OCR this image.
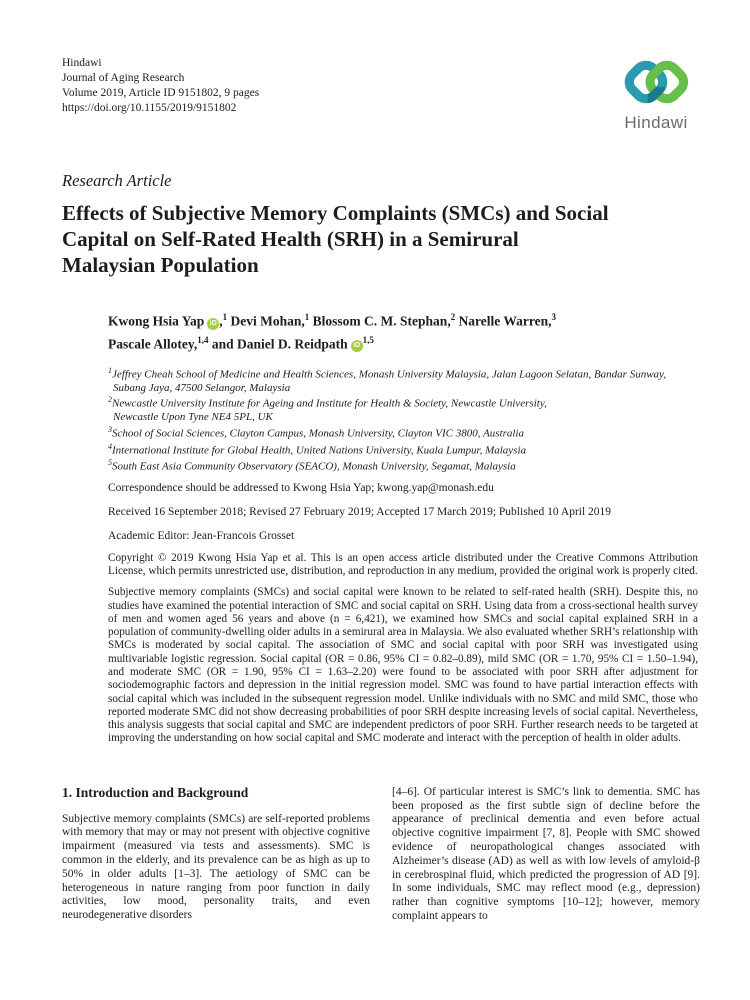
Hindawi
Journal of Aging Research
Volume 2019, Article ID 9151802, 9 pages
https://doi.org/10.1155/2019/9151802
Hindawi
Research Article
Effects of Subjective Memory Complaints (SMCs) and Social
Capital on Self-Rated Health (SRH) in a Semirural
Malaysian Population
Kwong Hsia Yap iD ,$^1$ Devi Mohan,$^1$ Blossom C. M. Stephan,$^2$ Narelle Warren,$^3$
Pascale Allotey,$^{1,4}$ and Daniel D. Reidpath iD$^{1,5}$
$^1$Jeffrey Cheah School of Medicine and Health Sciences, Monash University Malaysia, Jalan Lagoon Selatan, Bandar Sunway,
Subang Jaya, 47500 Selangor, Malaysia
$^2$Newcastle University Institute for Ageing and Institute for Health & Society, Newcastle University,
Newcastle Upon Tyne NE4 5PL, UK
$^3$School of Social Sciences, Clayton Campus, Monash University, Clayton VIC 3800, Australia
$^4$International Institute for Global Health, United Nations University, Kuala Lumpur, Malaysia
$^5$South East Asia Community Observatory (SEACO), Monash University, Segamat, Malaysia
Correspondence should be addressed to Kwong Hsia Yap; kwong.yap@monash.edu
Received 16 September 2018; Revised 27 February 2019; Accepted 17 March 2019; Published 10 April 2019
Academic Editor: Jean-Francois Grosset
Copyright © 2019 Kwong Hsia Yap et al. This is an open access article distributed under the Creative Commons Attribution License, which permits unrestricted use, distribution, and reproduction in any medium, provided the original work is properly cited.
Subjective memory complaints (SMCs) and social capital were known to be related to self-rated health (SRH). Despite this, no studies have examined the potential interaction of SMC and social capital on SRH. Using data from a cross-sectional health survey of men and women aged 56 years and above (n = 6,421), we examined how SMCs and social capital explained SRH in a population of community-dwelling older adults in a semirural area in Malaysia. We also evaluated whether SRH’s relationship with SMCs is moderated by social capital. The association of SMC and social capital with poor SRH was investigated using multivariable logistic regression. Social capital (OR = 0.86, 95% CI = 0.82–0.89), mild SMC (OR = 1.70, 95% CI = 1.50–1.94), and moderate SMC (OR = 1.90, 95% CI = 1.63–2.20) were found to be associated with poor SRH after adjustment for sociodemographic factors and depression in the initial regression model. SMC was found to have partial interaction effects with social capital which was included in the subsequent regression model. Unlike individuals with no SMC and mild SMC, those who reported moderate SMC did not show decreasing probabilities of poor SRH despite increasing levels of social capital. Nevertheless, this analysis suggests that social capital and SMC are independent predictors of poor SRH. Further research needs to be targeted at improving the understanding on how social capital and SMC moderate and interact with the perception of health in older adults.
1. Introduction and Background
Subjective memory complaints (SMCs) are self-reported problems with memory that may or may not present with objective cognitive impairment (measured via tests and assessments). SMC is common in the elderly, and its prevalence can be as high as up to 50% in older adults [1–3]. The aetiology of SMC can be heterogeneous in nature ranging from poor function in daily activities, low mood, personality traits, and even neurodegenerative disorders
[4–6]. Of particular interest is SMC’s link to dementia. SMC has been proposed as the first subtle sign of decline before the appearance of preclinical dementia and even before actual objective cognitive impairment [7, 8]. People with SMC showed evidence of neuropathological changes associated with Alzheimer’s disease (AD) as well as with low levels of amyloid-β in cerebrospinal fluid, which predicted the progression of AD [9]. In some individuals, SMC may reflect mood (e.g., depression) rather than cognitive symptoms [10–12]; however, memory complaint appears to
